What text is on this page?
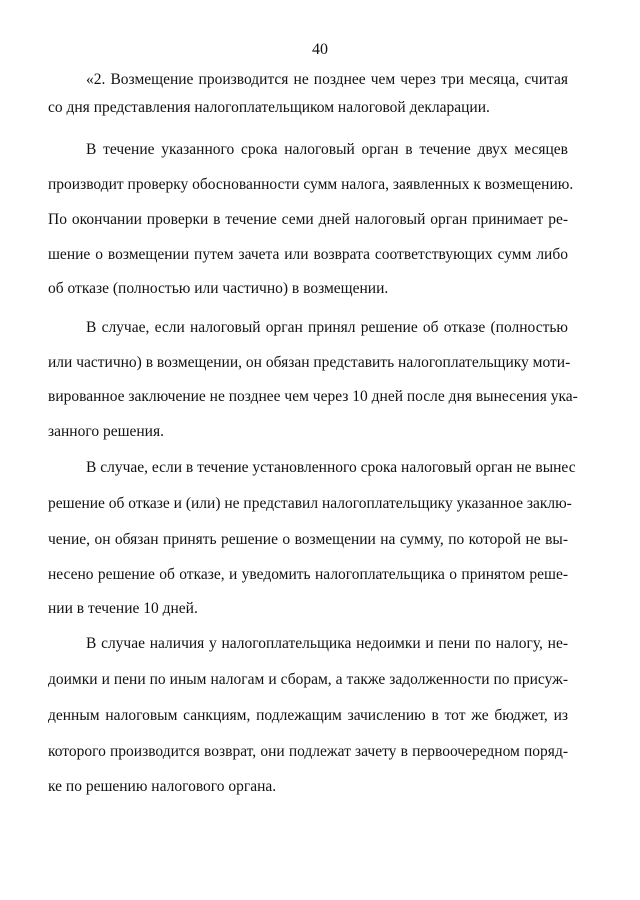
40
«2. Возмещение производится не позднее чем через три месяца, считая
со дня представления налогоплательщиком налоговой декларации.
В течение указанного срока налоговый орган в течение двух месяцев
производит проверку обоснованности сумм налога, заявленных к возмещению.
По окончании проверки в течение семи дней налоговый орган принимает ре-
шение о возмещении путем зачета или возврата соответствующих сумм либо
об отказе (полностью или частично) в возмещении.
В случае, если налоговый орган принял решение об отказе (полностью
или частично) в возмещении, он обязан представить налогоплательщику моти-
вированное заключение не позднее чем через 10 дней после дня вынесения ука-
занного решения.
В случае, если в течение установленного срока налоговый орган не вынес
решение об отказе и (или) не представил налогоплательщику указанное заклю-
чение, он обязан принять решение о возмещении на сумму, по которой не вы-
несено решение об отказе, и уведомить налогоплательщика о принятом реше-
нии в течение 10 дней.
В случае наличия у налогоплательщика недоимки и пени по налогу, не-
доимки и пени по иным налогам и сборам, а также задолженности по присуж-
денным налоговым санкциям, подлежащим зачислению в тот же бюджет, из
которого производится возврат, они подлежат зачету в первоочередном поряд-
ке по решению налогового органа.
